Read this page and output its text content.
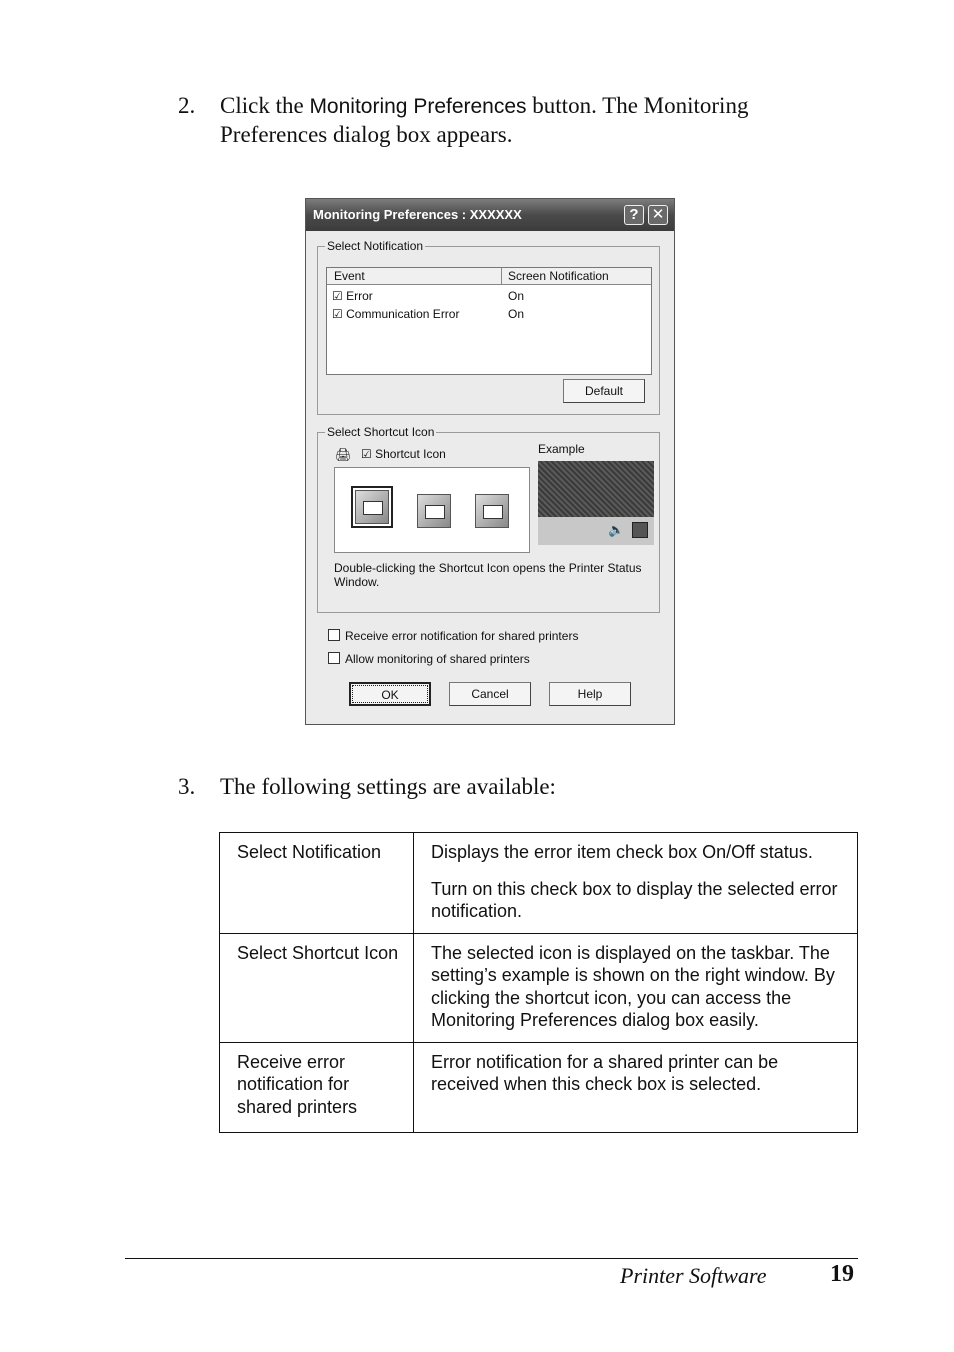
2. Click the Monitoring Preferences button. The Monitoring Preferences dialog box appears.
Monitoring Preferences : XXXXXX	? ✕
Select Notification
Event	Screen Notification
☑ Error	On
☑ Communication Error	On
Default
Select Shortcut Icon
🖨 ☑ Shortcut Icon	Example
🔈
Double-clicking the Shortcut Icon opens the Printer Status Window.
Receive error notification for shared printers
Allow monitoring of shared printers
OK	Cancel	Help
3. The following settings are available:
Select Notification	Displays the error item check box On/Off status.

Turn on this check box to display the selected error notification.

Select Shortcut Icon	The selected icon is displayed on the taskbar. The setting’s example is shown on the right window. By clicking the shortcut icon, you can access the Monitoring Preferences dialog box easily.

Receive error notification for shared printers	Error notification for a shared printer can be received when this check box is selected.

Printer Software	19
